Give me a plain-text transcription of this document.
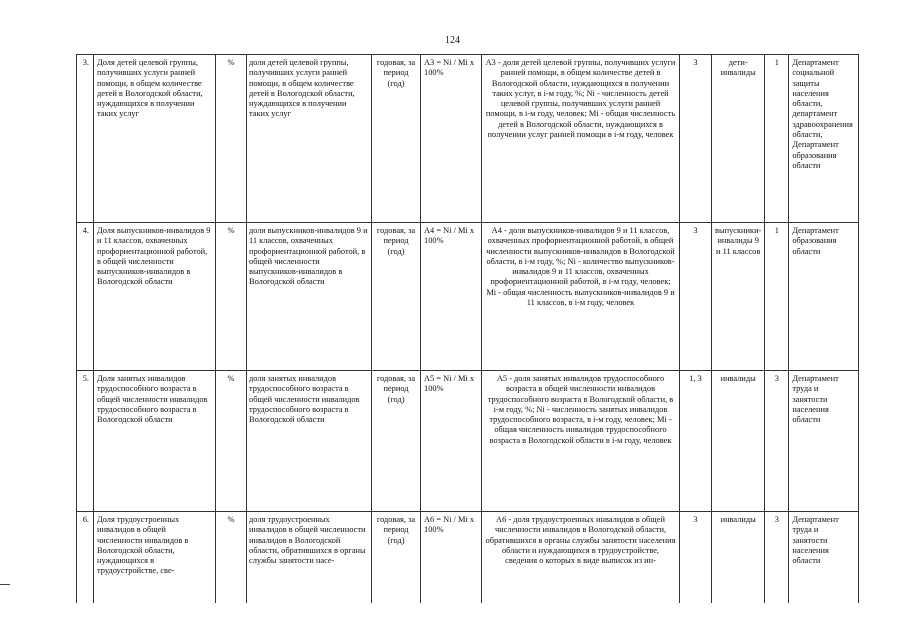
124
3.	Доля детей целевой группы, получивших услуги ранней помощи, в общем количестве детей в Вологодской области, нуждающихся в получении таких услуг	%	доля детей целевой группы, получивших услуги ранней помощи, в общем количестве детей в Вологодской области, нуждающихся в получении таких услуг	годовая, за период (год)	A3 = Ni / Mi x 100%	A3 - доля детей целевой группы, получивших услуги ранней помощи, в общем количестве детей в Вологодской области, нуждающихся в получении таких услуг, в i-м году, %; Ni - численность детей целевой группы, получивших услуги ранней помощи, в i-м году, человек; Mi - общая численность детей в Вологодской области, нуждающихся в получении услуг ранней помощи в i-м году, человек	3	дети-инвалиды	1	Департамент социальной защиты населения области, департамент здравоохранения области, Департамент образования области
4.	Доля выпускников-инвалидов 9 и 11 классов, охваченных профориентационной работой, в общей численности выпускников-инвалидов в Вологодской области	%	доля выпускников-инвалидов 9 и 11 классов, охваченных профориентационной работой, в общей численности выпускников-инвалидов в Вологодской области	годовая, за период (год)	A4 = Ni / Mi x 100%	A4 - доля выпускников-инвалидов 9 и 11 классов, охваченных профориентационной работой, в общей численности выпускников-инвалидов в Вологодской области, в i-м году, %; Ni - количество выпускников-инвалидов 9 и 11 классов, охваченных профориентационной работой, в i-м году, человек; Mi - общая численность выпускников-инвалидов 9 и 11 классов, в i-м году, человек	3	выпускники-инвалиды 9 и 11 классов	1	Департамент образования области
5.	Доля занятых инвалидов трудоспособного возраста в общей численности инвалидов трудоспособного возраста в Вологодской области	%	доля занятых инвалидов трудоспособного возраста в общей численности инвалидов трудоспособного возраста в Вологодской области	годовая, за период (год)	A5 = Ni / Mi x 100%	A5 - доля занятых инвалидов трудоспособного возраста в общей численности инвалидов трудоспособного возраста в Вологодской области, в i-м году, %; Ni - численность занятых инвалидов трудоспособного возраста, в i-м году, человек; Mi - общая численность инвалидов трудоспособного возраста в Вологодской области в i-м году, человек	1, 3	инвалиды	3	Департамент труда и занятости населения области
6.	Доля трудоустроенных инвалидов в общей численности инвалидов в Вологодской области, нуждающихся в трудоустройстве, све-	%	доля трудоустроенных инвалидов в общей численности инвалидов в Вологодской области, обратившихся в органы службы занятости насе-	годовая, за период (год)	A6 = Ni / Mi x 100%	A6 - доля трудоустроенных инвалидов в общей численности инвалидов в Вологодской области, обратившихся в органы службы занятости населения области и нуждающихся в трудоустройстве, сведения о которых в виде выписок из ин-	3	инвалиды	3	Департамент труда и занятости населения области
